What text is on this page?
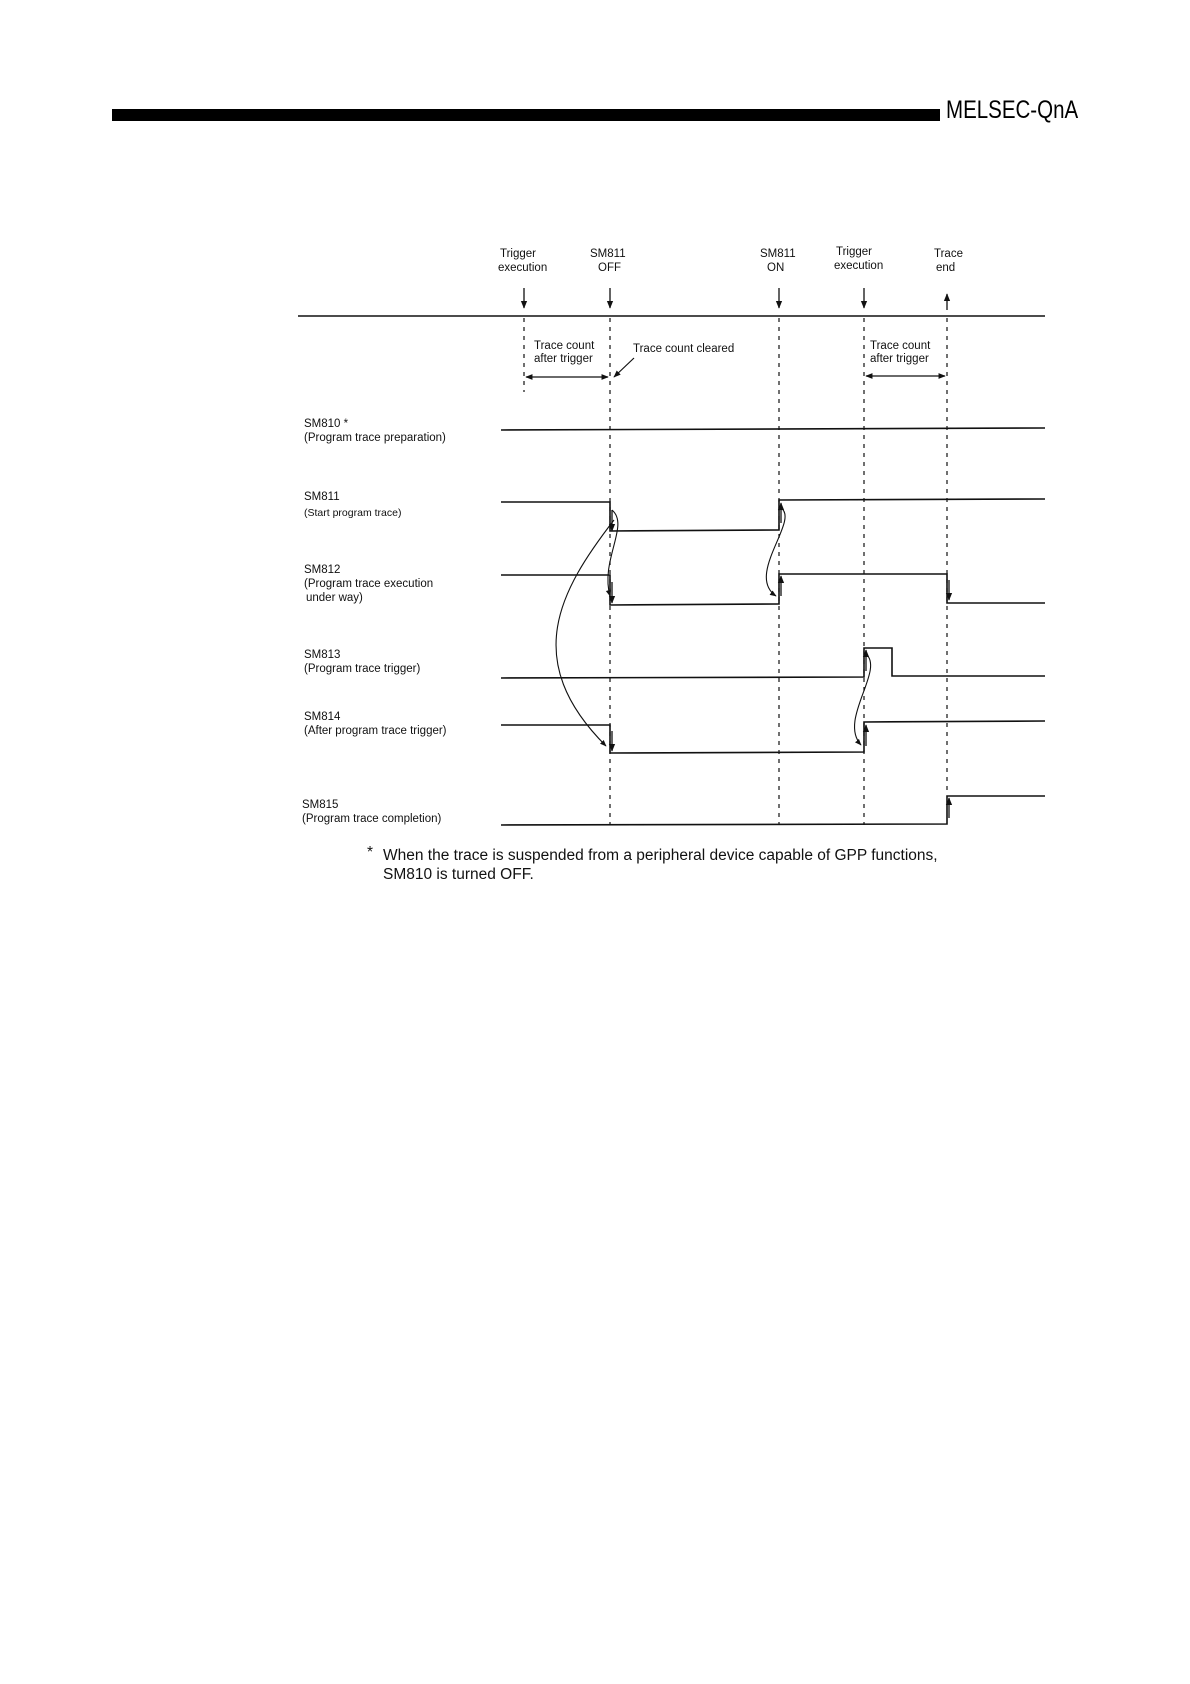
MELSEC-QnA
Trigger
execution
SM811
OFF
SM811
ON
Trigger
execution
Trace
end
Trace count
after trigger
Trace count cleared	Trace count
after trigger
SM810 *
(Program trace preparation)
SM811
(Start program trace)
SM812
(Program trace execution
under way)
SM813
(Program trace trigger)
SM814
(After program trace trigger)
SM815
(Program trace completion)
* When the trace is suspended from a peripheral device capable of GPP functions,
SM810 is turned OFF.
